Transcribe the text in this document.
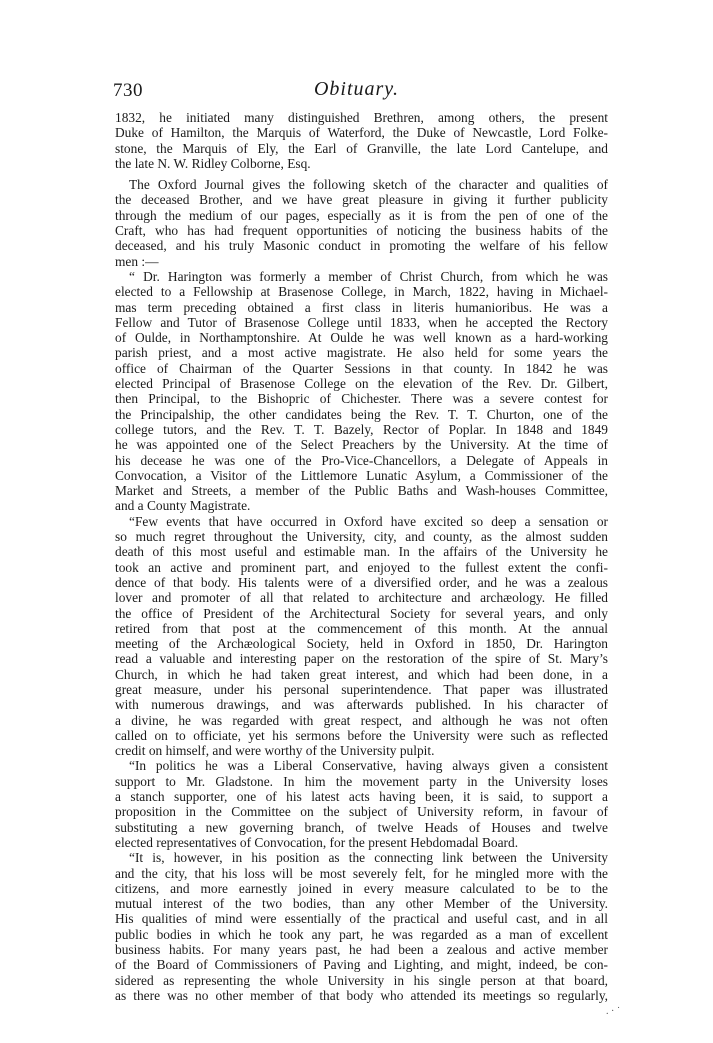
730	Obituary.
1832, he initiated many distinguished Brethren, among others, the present
Duke of Hamilton, the Marquis of Waterford, the Duke of Newcastle, Lord Folke-
stone, the Marquis of Ely, the Earl of Granville, the late Lord Cantelupe, and
the late N. W. Ridley Colborne, Esq.
The Oxford Journal gives the following sketch of the character and qualities of
the deceased Brother, and we have great pleasure in giving it further publicity
through the medium of our pages, especially as it is from the pen of one of the
Craft, who has had frequent opportunities of noticing the business habits of the
deceased, and his truly Masonic conduct in promoting the welfare of his fellow
men :—
“ Dr. Harington was formerly a member of Christ Church, from which he was
elected to a Fellowship at Brasenose College, in March, 1822, having in Michael-
mas term preceding obtained a first class in literis humanioribus. He was a
Fellow and Tutor of Brasenose College until 1833, when he accepted the Rectory
of Oulde, in Northamptonshire. At Oulde he was well known as a hard-working
parish priest, and a most active magistrate. He also held for some years the
office of Chairman of the Quarter Sessions in that county. In 1842 he was
elected Principal of Brasenose College on the elevation of the Rev. Dr. Gilbert,
then Principal, to the Bishopric of Chichester. There was a severe contest for
the Principalship, the other candidates being the Rev. T. T. Churton, one of the
college tutors, and the Rev. T. T. Bazely, Rector of Poplar. In 1848 and 1849
he was appointed one of the Select Preachers by the University. At the time of
his decease he was one of the Pro-Vice-Chancellors, a Delegate of Appeals in
Convocation, a Visitor of the Littlemore Lunatic Asylum, a Commissioner of the
Market and Streets, a member of the Public Baths and Wash-houses Committee,
and a County Magistrate.
“Few events that have occurred in Oxford have excited so deep a sensation or
so much regret throughout the University, city, and county, as the almost sudden
death of this most useful and estimable man. In the affairs of the University he
took an active and prominent part, and enjoyed to the fullest extent the confi-
dence of that body. His talents were of a diversified order, and he was a zealous
lover and promoter of all that related to architecture and archæology. He filled
the office of President of the Architectural Society for several years, and only
retired from that post at the commencement of this month. At the annual
meeting of the Archæological Society, held in Oxford in 1850, Dr. Harington
read a valuable and interesting paper on the restoration of the spire of St. Mary’s
Church, in which he had taken great interest, and which had been done, in a
great measure, under his personal superintendence. That paper was illustrated
with numerous drawings, and was afterwards published. In his character of
a divine, he was regarded with great respect, and although he was not often
called on to officiate, yet his sermons before the University were such as reflected
credit on himself, and were worthy of the University pulpit.
“In politics he was a Liberal Conservative, having always given a consistent
support to Mr. Gladstone. In him the movement party in the University loses
a stanch supporter, one of his latest acts having been, it is said, to support a
proposition in the Committee on the subject of University reform, in favour of
substituting a new governing branch, of twelve Heads of Houses and twelve
elected representatives of Convocation, for the present Hebdomadal Board.
“It is, however, in his position as the connecting link between the University
and the city, that his loss will be most severely felt, for he mingled more with the
citizens, and more earnestly joined in every measure calculated to be to the
mutual interest of the two bodies, than any other Member of the University.
His qualities of mind were essentially of the practical and useful cast, and in all
public bodies in which he took any part, he was regarded as a man of excellent
business habits. For many years past, he had been a zealous and active member
of the Board of Commissioners of Paving and Lighting, and might, indeed, be con-
sidered as representing the whole University in his single person at that board,
as there was no other member of that body who attended its meetings so regularly,
. · ˙
